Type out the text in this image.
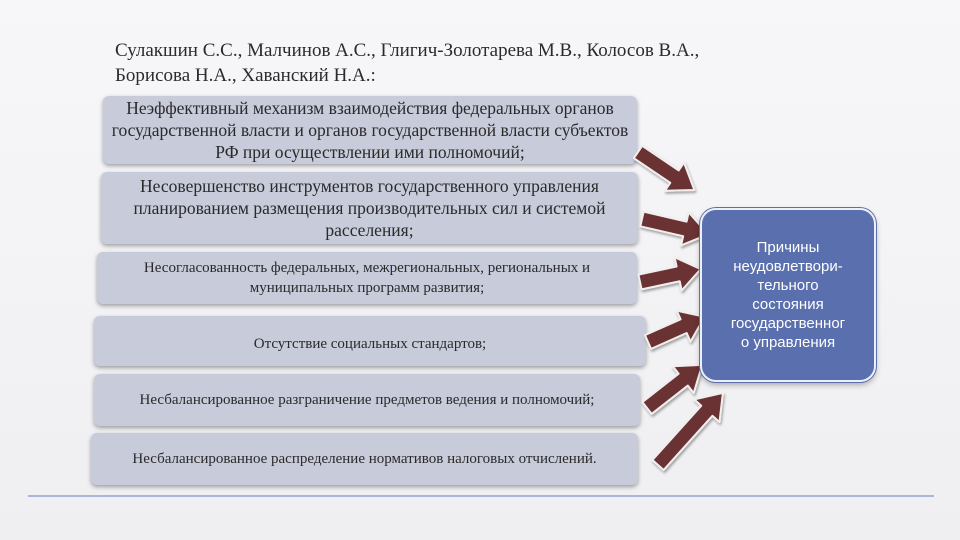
Сулакшин С.С., Малчинов А.С., Глигич-Золотарева М.В., Колосов В.А.,
Борисова Н.А., Хаванский Н.А.:
Неэффективный механизм взаимодействия федеральных органов государственной власти и органов государственной власти субъектов РФ при осуществлении ими полномочий;
Несовершенство инструментов государственного управления планированием размещения производительных сил и системой расселения;
Несогласованность федеральных, межрегиональных, региональных и муниципальных программ развития;
Отсутствие социальных стандартов;
Несбалансированное разграничение предметов ведения и полномочий;
Несбалансированное распределение нормативов налоговых отчислений.
Причины
неудовлетвори-
тельного
состояния
государственног
о управления
